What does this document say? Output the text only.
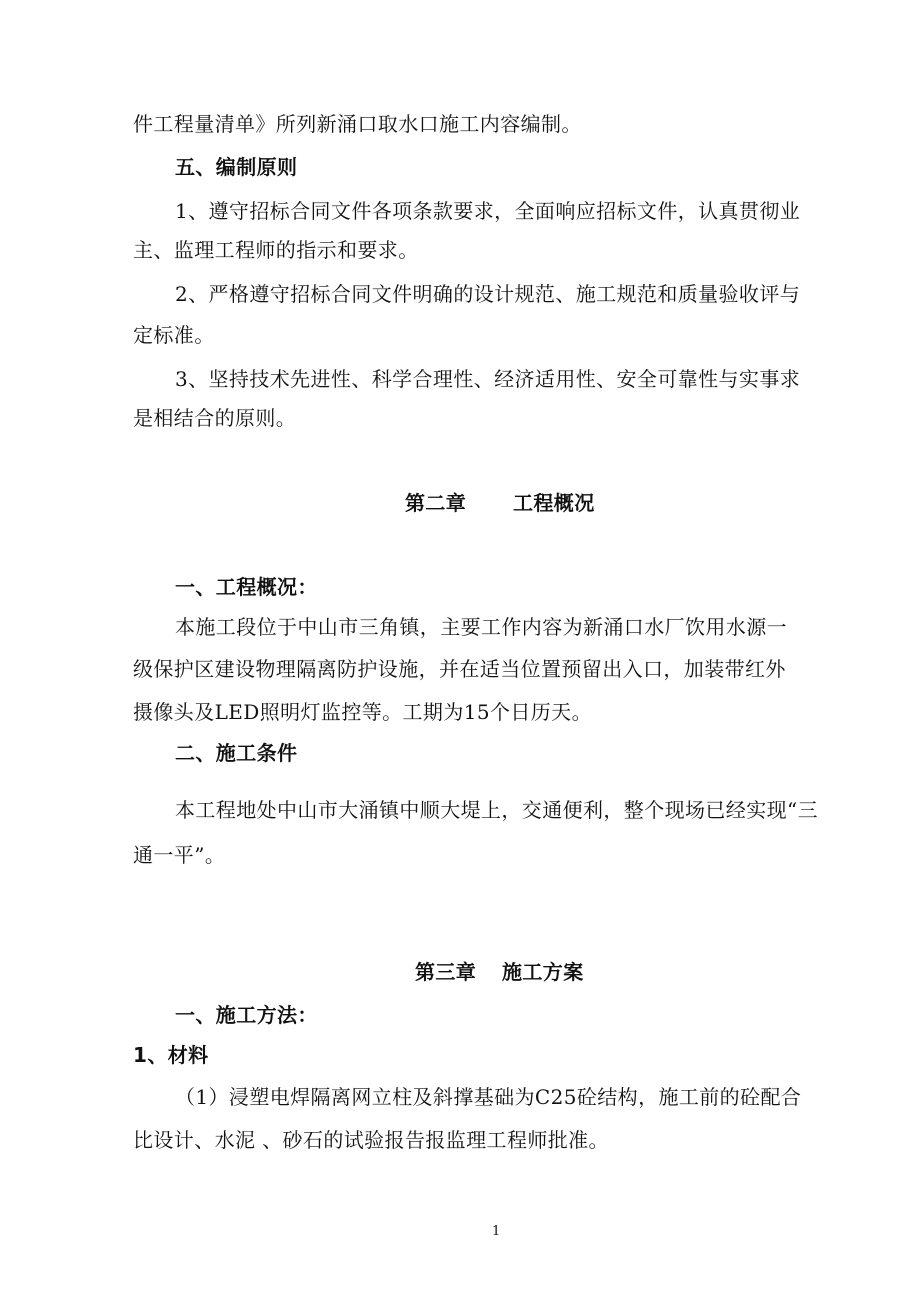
件工程量清单》所列新涌口取水口施工内容编制。
五、编制原则
1、遵守招标合同文件各项条款要求，全面响应招标文件，认真贯彻业
主、监理工程师的指示和要求。
2、严格遵守招标合同文件明确的设计规范、施工规范和质量验收评与
定标准。
3、坚持技术先进性、科学合理性、经济适用性、安全可靠性与实事求
是相结合的原则。
第二章 工程概况
一、工程概况：
本施工段位于中山市三角镇，主要工作内容为新涌口水厂饮用水源一
级保护区建设物理隔离防护设施，并在适当位置预留出入口，加装带红外
摄像头及LED照明灯监控等。工期为15个日历天。
二、施工条件
本工程地处中山市大涌镇中顺大堤上，交通便利，整个现场已经实现“三
通一平”。
第三章 施工方案
一、施工方法：
1、材料
（1）浸塑电焊隔离网立柱及斜撑基础为C25砼结构，施工前的砼配合
比设计、水泥 、砂石的试验报告报监理工程师批准。
1
